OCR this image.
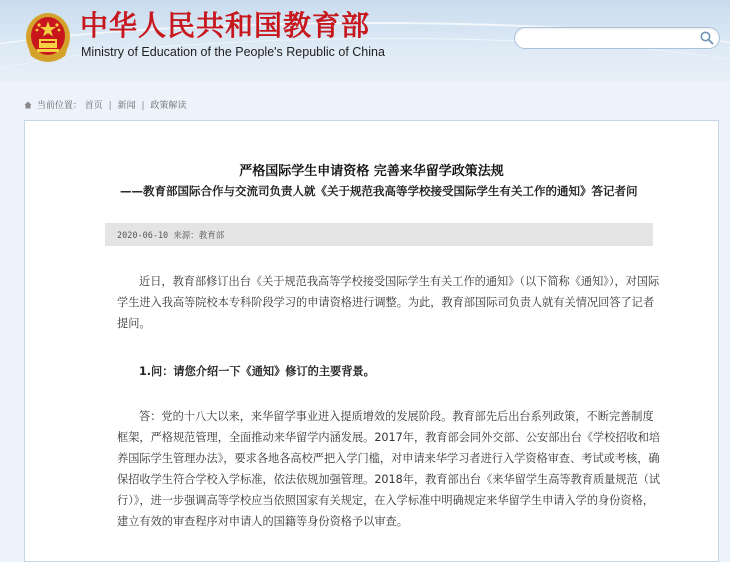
中华人民共和国教育部
Ministry of Education of the People's Republic of China
当前位置： 首页 | 新闻 | 政策解读
严格国际学生申请资格 完善来华留学政策法规
——教育部国际合作与交流司负责人就《关于规范我高等学校接受国际学生有关工作的通知》答记者问
2020-06-10 来源：教育部

近日，教育部修订出台《关于规范我高等学校接受国际学生有关工作的通知》（以下简称《通知》），对国际学生进入我高等院校本专科阶段学习的申请资格进行调整。为此，教育部国际司负责人就有关情况回答了记者提问。

1.问：请您介绍一下《通知》修订的主要背景。

答：党的十八大以来，来华留学事业进入提质增效的发展阶段。教育部先后出台系列政策，不断完善制度框架，严格规范管理，全面推动来华留学内涵发展。2017年，教育部会同外交部、公安部出台《学校招收和培养国际学生管理办法》，要求各地各高校严把入学门槛，对申请来华学习者进行入学资格审查、考试或考核，确保招收学生符合学校入学标准，依法依规加强管理。2018年，教育部出台《来华留学生高等教育质量规范（试行）》，进一步强调高等学校应当依照国家有关规定，在入学标准中明确规定来华留学生申请入学的身份资格，建立有效的审查程序对申请人的国籍等身份资格予以审查。
